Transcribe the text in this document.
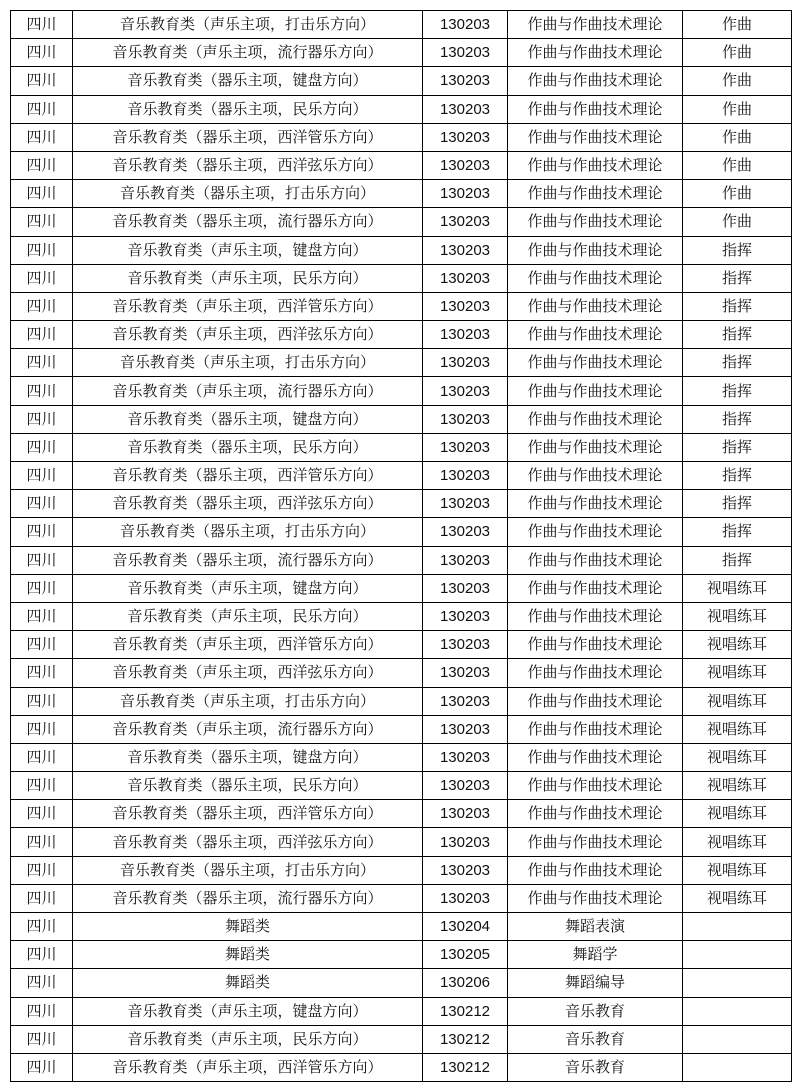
四川	音乐教育类（声乐主项，打击乐方向）	130203	作曲与作曲技术理论	作曲
四川	音乐教育类（声乐主项，流行器乐方向）	130203	作曲与作曲技术理论	作曲
四川	音乐教育类（器乐主项，键盘方向）	130203	作曲与作曲技术理论	作曲
四川	音乐教育类（器乐主项，民乐方向）	130203	作曲与作曲技术理论	作曲
四川	音乐教育类（器乐主项，西洋管乐方向）	130203	作曲与作曲技术理论	作曲
四川	音乐教育类（器乐主项，西洋弦乐方向）	130203	作曲与作曲技术理论	作曲
四川	音乐教育类（器乐主项，打击乐方向）	130203	作曲与作曲技术理论	作曲
四川	音乐教育类（器乐主项，流行器乐方向）	130203	作曲与作曲技术理论	作曲
四川	音乐教育类（声乐主项，键盘方向）	130203	作曲与作曲技术理论	指挥
四川	音乐教育类（声乐主项，民乐方向）	130203	作曲与作曲技术理论	指挥
四川	音乐教育类（声乐主项，西洋管乐方向）	130203	作曲与作曲技术理论	指挥
四川	音乐教育类（声乐主项，西洋弦乐方向）	130203	作曲与作曲技术理论	指挥
四川	音乐教育类（声乐主项，打击乐方向）	130203	作曲与作曲技术理论	指挥
四川	音乐教育类（声乐主项，流行器乐方向）	130203	作曲与作曲技术理论	指挥
四川	音乐教育类（器乐主项，键盘方向）	130203	作曲与作曲技术理论	指挥
四川	音乐教育类（器乐主项，民乐方向）	130203	作曲与作曲技术理论	指挥
四川	音乐教育类（器乐主项，西洋管乐方向）	130203	作曲与作曲技术理论	指挥
四川	音乐教育类（器乐主项，西洋弦乐方向）	130203	作曲与作曲技术理论	指挥
四川	音乐教育类（器乐主项，打击乐方向）	130203	作曲与作曲技术理论	指挥
四川	音乐教育类（器乐主项，流行器乐方向）	130203	作曲与作曲技术理论	指挥
四川	音乐教育类（声乐主项，键盘方向）	130203	作曲与作曲技术理论	视唱练耳
四川	音乐教育类（声乐主项，民乐方向）	130203	作曲与作曲技术理论	视唱练耳
四川	音乐教育类（声乐主项，西洋管乐方向）	130203	作曲与作曲技术理论	视唱练耳
四川	音乐教育类（声乐主项，西洋弦乐方向）	130203	作曲与作曲技术理论	视唱练耳
四川	音乐教育类（声乐主项，打击乐方向）	130203	作曲与作曲技术理论	视唱练耳
四川	音乐教育类（声乐主项，流行器乐方向）	130203	作曲与作曲技术理论	视唱练耳
四川	音乐教育类（器乐主项，键盘方向）	130203	作曲与作曲技术理论	视唱练耳
四川	音乐教育类（器乐主项，民乐方向）	130203	作曲与作曲技术理论	视唱练耳
四川	音乐教育类（器乐主项，西洋管乐方向）	130203	作曲与作曲技术理论	视唱练耳
四川	音乐教育类（器乐主项，西洋弦乐方向）	130203	作曲与作曲技术理论	视唱练耳
四川	音乐教育类（器乐主项，打击乐方向）	130203	作曲与作曲技术理论	视唱练耳
四川	音乐教育类（器乐主项，流行器乐方向）	130203	作曲与作曲技术理论	视唱练耳
四川	舞蹈类	130204	舞蹈表演	
四川	舞蹈类	130205	舞蹈学	
四川	舞蹈类	130206	舞蹈编导	
四川	音乐教育类（声乐主项，键盘方向）	130212	音乐教育	
四川	音乐教育类（声乐主项，民乐方向）	130212	音乐教育	
四川	音乐教育类（声乐主项，西洋管乐方向）	130212	音乐教育	
